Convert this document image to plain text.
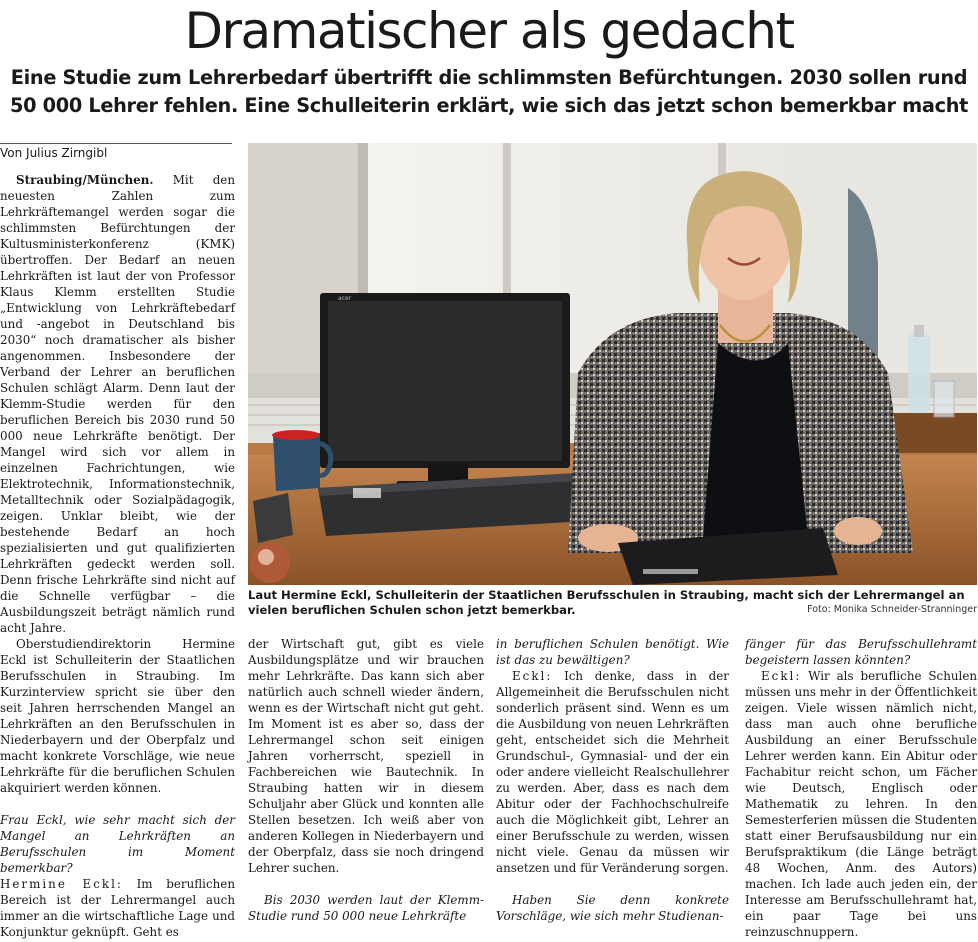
Dramatischer als gedacht
Eine Studie zum Lehrerbedarf übertrifft die schlimmsten Befürchtungen. 2030 sollen rund
50 000 Lehrer fehlen. Eine Schulleiterin erklärt, wie sich das jetzt schon bemerkbar macht
Von Julius Zirngibl

Straubing/München. Mit den neuesten Zahlen zum Lehrkräftemangel werden sogar die schlimmsten Befürchtungen der Kultusministerkonferenz (KMK) übertroffen. Der Bedarf an neuen Lehrkräften ist laut der von Professor Klaus Klemm erstellten Studie „Entwicklung von Lehrkräftebedarf und -angebot in Deutschland bis 2030“ noch dramatischer als bisher angenommen. Insbesondere der Verband der Lehrer an beruflichen Schulen schlägt Alarm. Denn laut der Klemm-Studie werden für den beruflichen Bereich bis 2030 rund 50 000 neue Lehrkräfte benötigt. Der Mangel wird sich vor allem in einzelnen Fachrichtungen, wie Elektrotechnik, Informationstechnik, Metalltechnik oder Sozialpädagogik, zeigen. Unklar bleibt, wie der bestehende Bedarf an hoch spezialisierten und gut qualifizierten Lehrkräften gedeckt werden soll. Denn frische Lehrkräfte sind nicht auf die Schnelle verfügbar – die Ausbildungszeit beträgt nämlich rund acht Jahre.

Oberstudiendirektorin Hermine Eckl ist Schulleiterin der Staatlichen Berufsschulen in Straubing. Im Kurzinterview spricht sie über den seit Jahren herrschenden Mangel an Lehrkräften an den Berufsschulen in Niederbayern und der Oberpfalz und macht konkrete Vorschläge, wie neue Lehrkräfte für die beruflichen Schulen akquiriert werden können.

Frau Eckl, wie sehr macht sich der Mangel an Lehrkräften an Berufsschulen im Moment bemerkbar?

Hermine Eckl: Im beruflichen Bereich ist der Lehrermangel auch immer an die wirtschaftliche Lage und Konjunktur geknüpft. Geht es

acer
Laut Hermine Eckl, Schulleiterin der Staatlichen Berufsschulen in Straubing, macht sich der Lehrermangel an vielen beruflichen Schulen schon jetzt bemerkbar.	Foto: Monika Schneider-Stranninger

der Wirtschaft gut, gibt es viele Ausbildungsplätze und wir brauchen mehr Lehrkräfte. Das kann sich aber natürlich auch schnell wieder ändern, wenn es der Wirtschaft nicht gut geht. Im Moment ist es aber so, dass der Lehrermangel schon seit einigen Jahren vorherrscht, speziell in Fachbereichen wie Bautechnik. In Straubing hatten wir in diesem Schuljahr aber Glück und konnten alle Stellen besetzen. Ich weiß aber von anderen Kollegen in Niederbayern und der Oberpfalz, dass sie noch dringend Lehrer suchen.

Bis 2030 werden laut der Klemm-Studie rund 50 000 neue Lehrkräfte

in beruflichen Schulen benötigt. Wie ist das zu bewältigen?

Eckl: Ich denke, dass in der Allgemeinheit die Berufsschulen nicht sonderlich präsent sind. Wenn es um die Ausbildung von neuen Lehrkräften geht, entscheidet sich die Mehrheit Grundschul-, Gymnasial- und der ein oder andere vielleicht Realschullehrer zu werden. Aber, dass es nach dem Abitur oder der Fachhochschulreife auch die Möglichkeit gibt, Lehrer an einer Berufsschule zu werden, wissen nicht viele. Genau da müssen wir ansetzen und für Veränderung sorgen.

Haben Sie denn konkrete Vorschläge, wie sich mehr Studienan-

fänger für das Berufsschullehramt begeistern lassen könnten?

Eckl: Wir als berufliche Schulen müssen uns mehr in der Öffentlichkeit zeigen. Viele wissen nämlich nicht, dass man auch ohne berufliche Ausbildung an einer Berufsschule Lehrer werden kann. Ein Abitur oder Fachabitur reicht schon, um Fächer wie Deutsch, Englisch oder Mathematik zu lehren. In den Semesterferien müssen die Studenten statt einer Berufsausbildung nur ein Berufspraktikum (die Länge beträgt 48 Wochen, Anm. des Autors) machen. Ich lade auch jeden ein, der Interesse am Berufsschullehramt hat, ein paar Tage bei uns reinzuschnuppern.
